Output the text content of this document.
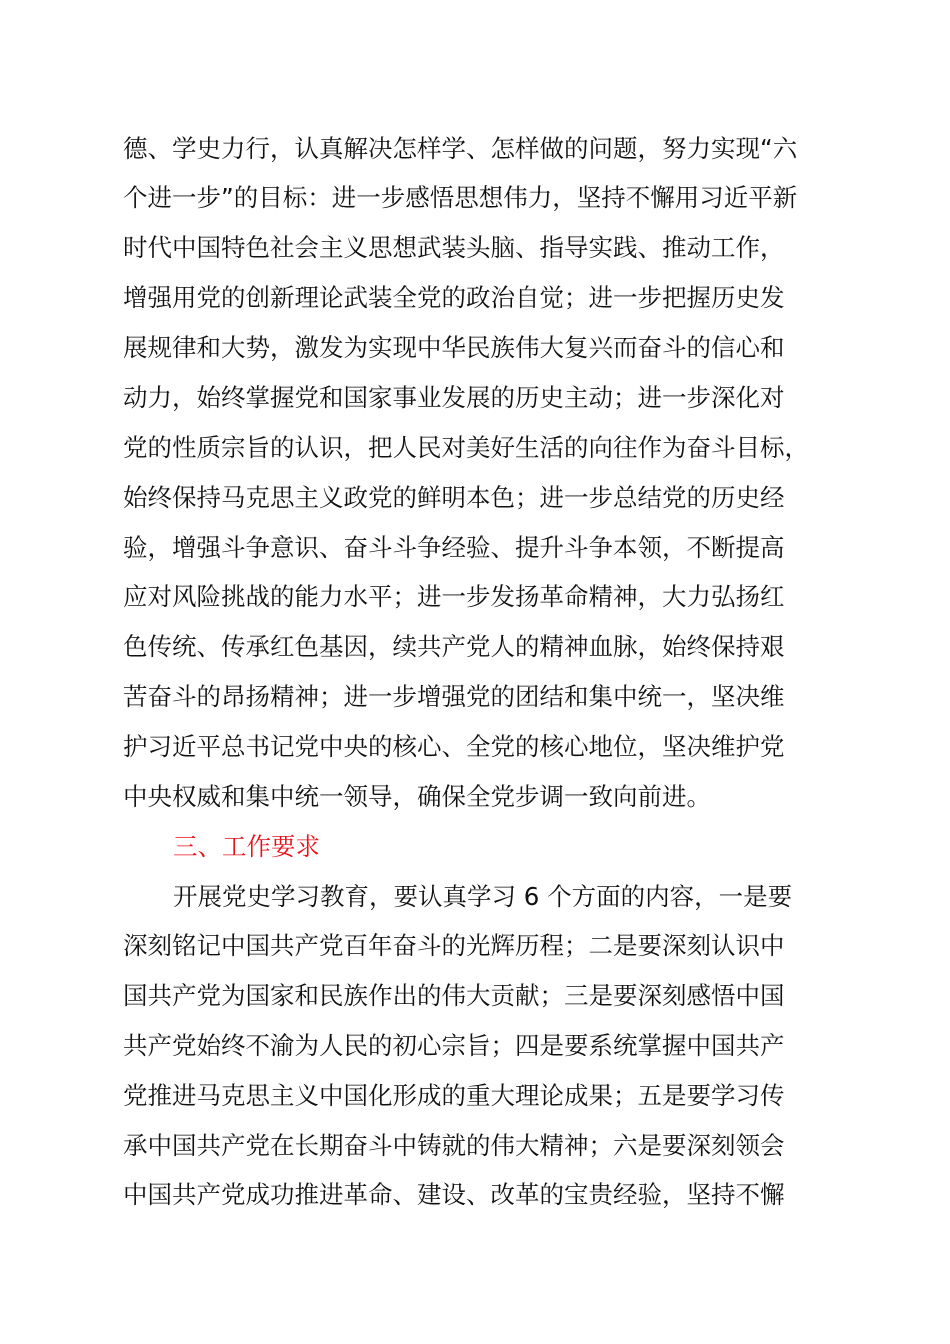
德、学史力行，认真解决怎样学、怎样做的问题，努力实现“六
个进一步”的目标：进一步感悟思想伟力，坚持不懈用习近平新
时代中国特色社会主义思想武装头脑、指导实践、推动工作，
增强用党的创新理论武装全党的政治自觉；进一步把握历史发
展规律和大势，激发为实现中华民族伟大复兴而奋斗的信心和
动力，始终掌握党和国家事业发展的历史主动；进一步深化对
党的性质宗旨的认识，把人民对美好生活的向往作为奋斗目标，
始终保持马克思主义政党的鲜明本色；进一步总结党的历史经
验，增强斗争意识、奋斗斗争经验、提升斗争本领，不断提高
应对风险挑战的能力水平；进一步发扬革命精神，大力弘扬红
色传统、传承红色基因，续共产党人的精神血脉，始终保持艰
苦奋斗的昂扬精神；进一步增强党的团结和集中统一，坚决维
护习近平总书记党中央的核心、全党的核心地位，坚决维护党
中央权威和集中统一领导，确保全党步调一致向前进。
三、工作要求
开展党史学习教育，要认真学习 6 个方面的内容，一是要
深刻铭记中国共产党百年奋斗的光辉历程；二是要深刻认识中
国共产党为国家和民族作出的伟大贡献；三是要深刻感悟中国
共产党始终不渝为人民的初心宗旨；四是要系统掌握中国共产
党推进马克思主义中国化形成的重大理论成果；五是要学习传
承中国共产党在长期奋斗中铸就的伟大精神；六是要深刻领会
中国共产党成功推进革命、建设、改革的宝贵经验，坚持不懈
